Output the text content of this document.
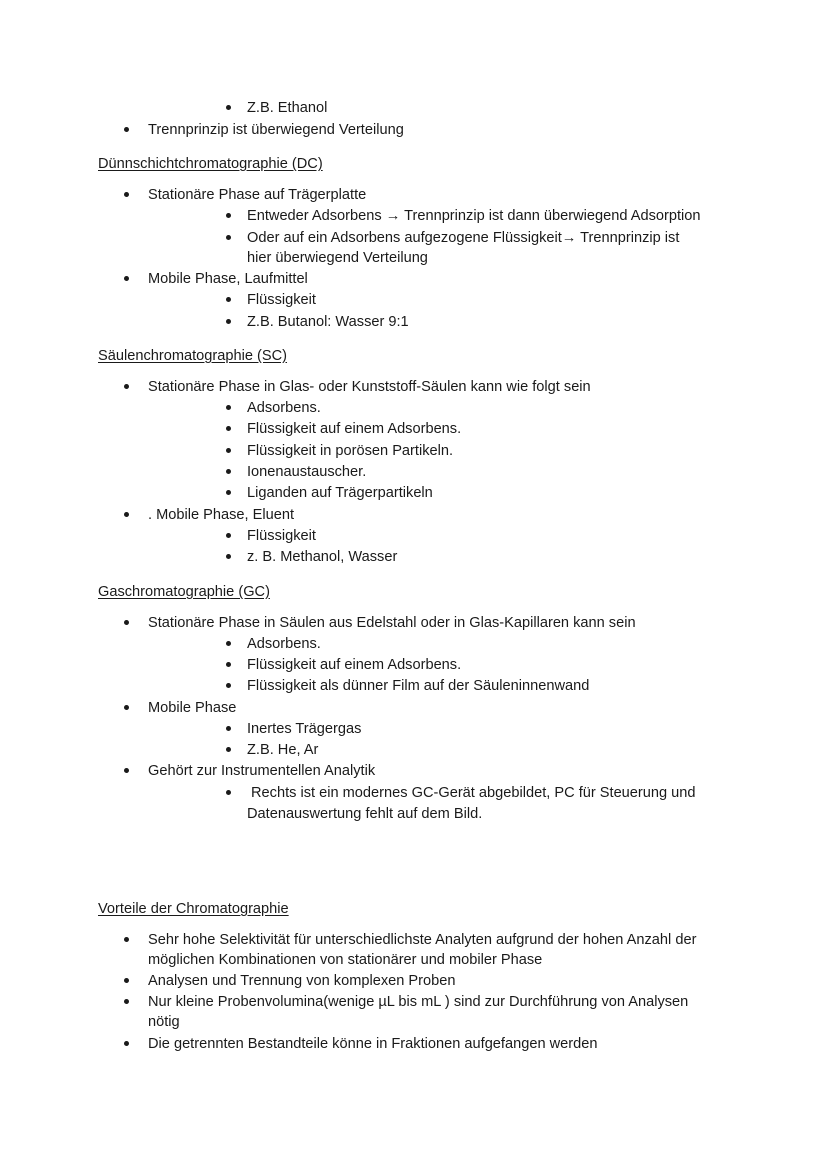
Z.B. Ethanol
Trennprinzip ist überwiegend Verteilung
Dünnschichtchromatographie (DC)
Stationäre Phase auf Trägerplatte
Entweder Adsorbens → Trennprinzip ist dann überwiegend Adsorption
Oder auf ein Adsorbens aufgezogene Flüssigkeit→ Trennprinzip ist
hier überwiegend Verteilung
Mobile Phase, Laufmittel
Flüssigkeit
Z.B. Butanol: Wasser 9:1
Säulenchromatographie (SC)
Stationäre Phase in Glas- oder Kunststoff-Säulen kann wie folgt sein
Adsorbens.
Flüssigkeit auf einem Adsorbens.
Flüssigkeit in porösen Partikeln.
Ionenaustauscher.
Liganden auf Trägerpartikeln
. Mobile Phase, Eluent
Flüssigkeit
z. B. Methanol, Wasser
Gaschromatographie (GC)
Stationäre Phase in Säulen aus Edelstahl oder in Glas-Kapillaren kann sein
Adsorbens.
Flüssigkeit auf einem Adsorbens.
Flüssigkeit als dünner Film auf der Säuleninnenwand
Mobile Phase
Inertes Trägergas
Z.B. He, Ar
Gehört zur Instrumentellen Analytik
Rechts ist ein modernes GC-Gerät abgebildet, PC für Steuerung und
Datenauswertung fehlt auf dem Bild.
Vorteile der Chromatographie
Sehr hohe Selektivität für unterschiedlichste Analyten aufgrund der hohen Anzahl der
möglichen Kombinationen von stationärer und mobiler Phase
Analysen und Trennung von komplexen Proben
Nur kleine Probenvolumina(wenige µL bis mL ) sind zur Durchführung von Analysen
nötig
Die getrennten Bestandteile könne in Fraktionen aufgefangen werden
